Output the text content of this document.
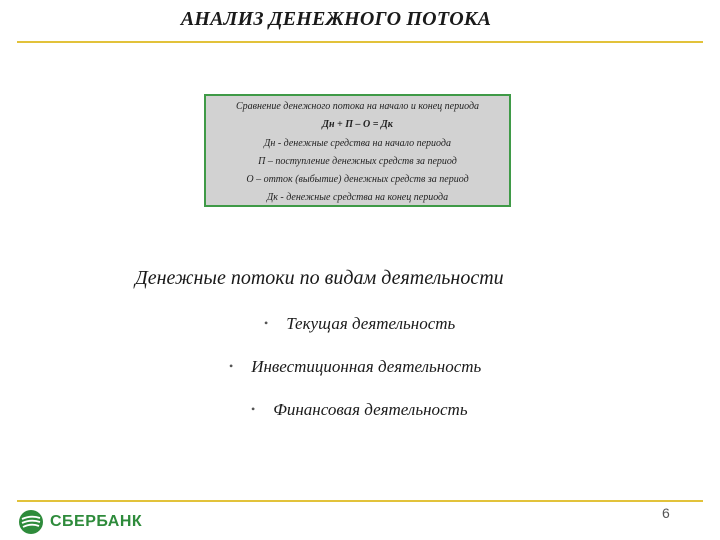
АНАЛИЗ ДЕНЕЖНОГО ПОТОКА
Сравнение денежного потока на начало и конец периода
Дн + П – О = Дк
Дн - денежные средства на начало периода
П – поступление денежных средств за период
О – отток (выбытие) денежных средств за период
Дк - денежные средства на конец периода
Денежные потоки по видам деятельности
• Текущая деятельность
• Инвестиционная деятельность
• Финансовая деятельность
СБЕРБАНК	6
